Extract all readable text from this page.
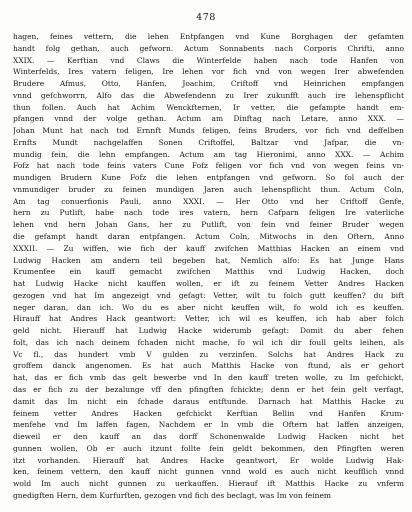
478
hagen, feines vettern, die lehen Entpfangen vnd Kune Borghagen der gefamten
handt folg gethan, auch gefworn. Actum Sonnabents nach Corporis Chrifti, anno
XXIX. — Kerftian vnd Claws die Winterfelde haben nach tode Hanfen von
Winterfelds, Ires vatern feligen, Ire lehen vor fich vnd von wegen Irer abwefenden
Brudere Afmus, Otto, Hanfen, Joachim, Criftoff vnd Heinrichen empfangen
vnnd gefchworrn, Alfo das die Abwefendenn zu Irer zukunfft auch ire lehenspflicht
thun follen. Auch hat Achim Wenckfternen, Ir vetter, die gefampte handt em-
pfangen vnnd der volge gethan. Actum am Dinftag nach Letare, anno XXX. —
Johan Munt hat nach tod Ernnft Munds feligen, feins Bruders, vor fich vnd deffelben
Ernfts Mundt nachgelaffen Sonen Criftoffel, Baltzar vnd Jafpar, die vn-
mundig fein, die lehn empfangen. Actum am tag Hieronimi, anno XXX. — Achim
Fofz hat nach tode feins vaters Cune Fofz feligen vor fich vnd von wegen feins vn-
mundigen Brudern Kune Fofz die lehen entpfangen vnd gefworn. So fol auch der
vnmundiger bruder zu feinen mundigen Jaren auch lehenspflicht thun. Actum Coln,
Am tag conuerfionis Pauli, anno XXXI. — Her Otto vnd her Criftoff Genfe,
hern zu Putlift, habe nach tode ires vatern, hern Cafparn feligen Ire vaterliche
lehen vnd hern Johan Gans, her zu Putlift, von fein vnd feiner Bruder wegen
die gefampt handt daran entpfangen. Actum Coln, Mitwochs in den Oftern, Anno
XXXII. — Zu wiffen, wie fich der kauff zwifchen Matthias Hacken an einem vnd
Ludwig Hacken am andern teil begeben hat, Nemlich alfo: Es hat Junge Hans
Krumenfee ein kauff gemacht zwifchen Matthis vnd Ludwig Hacken, doch
hat Ludwig Hacke nicht kauffen wollen, er ift zu feinem Vetter Andres Hacken
gezogen vnd hat Im angezeigt vnd gefagt: Vetter, wilt tu folch gutt keuffen? du bift
neger daran, dan ich. Wo du es aber nicht keuffen wilt, fo wold ich es keuffen.
Hirauff hat Andres Hack geantwort: Vetter, ich wil es keuffen, ich hab aber folch
geld nicht. Hierauff hat Ludwig Hacke widerumb gefagt: Domit du aber fehen
folt, das ich nach deinem fchaden nicht mache, fo wil ich dir foull gelts leihen, als
Vc fl., das hundert vmb V gulden zu verzinfen. Solchs hat Andres Hack zu
groffem danck angenomen. Es hat auch Matthis Hacke von ftund, als er gehort
hat, das er fich vmb das gelt bewerbe vnd In den kauff treten wolle, zu Im gefchickt,
das er fich zu der bezalunge vff den pfingften fchickte; denn er het fein gelt verfagt,
damit das Im nicht ein fchade daraus entftunde. Darnach hat Matthis Hacke zu
feinem vetter Andres Hacken gefchickt Kerftian Bellin vnd Hanfen Krum-
menfehe vnd Im laffen fagen, Nachdem er In vmb die Oftern hat laffen anzeigen,
dieweil er den kauff an das dorff Schonenwalde Ludwig Hacken nicht het
gunnen wollen, Ob er auch itzunt follte fein geldt bekommen, den Pfingften weren
itzt vorhanden. Hierauff hat Andres Hacke geantwort, Er wolde Ludwig Hak-
ken, feinem vettern, den kauff nicht gunnen vnnd wold es auch nicht keufflich vnnd
wold Im auch nicht gunnen zu uerkauffen. Hierauf ift Matthis Hacke zu vnferm
gnedigften Hern, dem Kurfurften, gezogen vnd fich des beclagt, was Im von feinem
